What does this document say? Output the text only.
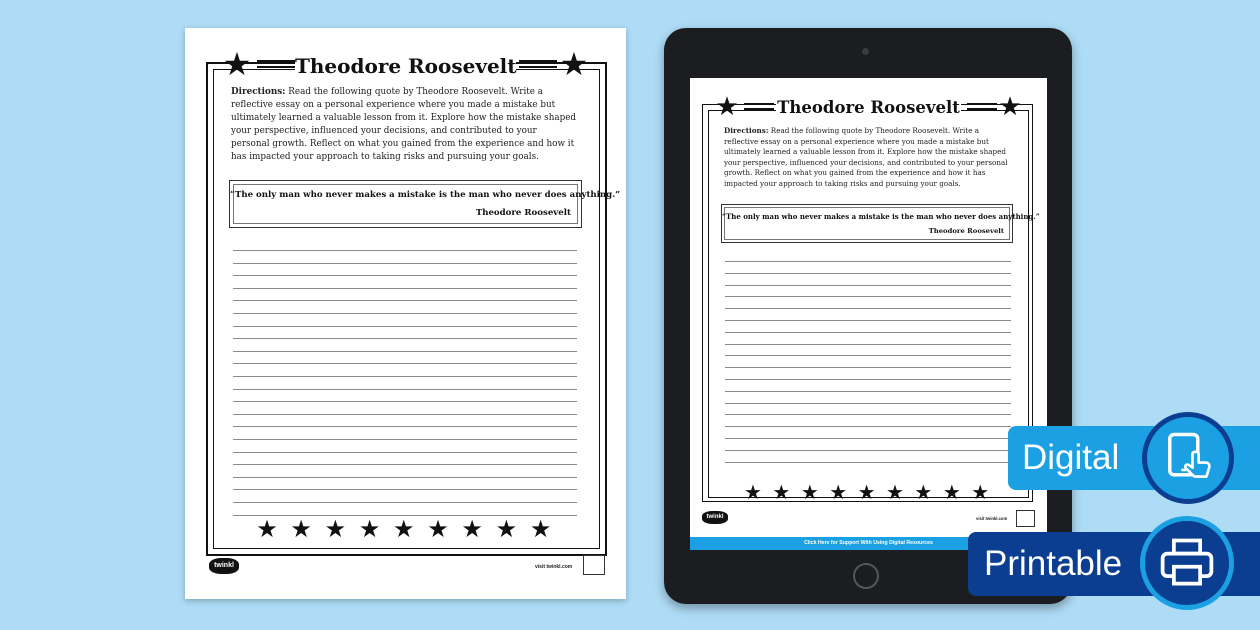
★	★
Theodore Roosevelt
Directions: Read the following quote by Theodore Roosevelt. Write a reflective essay on a personal experience where you made a mistake but ultimately learned a valuable lesson from it. Explore how the mistake shaped your perspective, influenced your decisions, and contributed to your personal growth. Reflect on what you gained from the experience and how it has impacted your approach to taking risks and pursuing your goals.
“The only man who never makes a mistake is the man who never does anything.”
Theodore Roosevelt
★ ★ ★ ★ ★ ★ ★ ★ ★
twinkl	visit twinkl.com
★	★
Theodore Roosevelt
Directions: Read the following quote by Theodore Roosevelt. Write a reflective essay on a personal experience where you made a mistake but ultimately learned a valuable lesson from it. Explore how the mistake shaped your perspective, influenced your decisions, and contributed to your personal growth. Reflect on what you gained from the experience and how it has impacted your approach to taking risks and pursuing your goals.
“The only man who never makes a mistake is the man who never does anything.”
Theodore Roosevelt
★ ★ ★ ★ ★ ★ ★ ★ ★
twinkl	visit twinkl.com
Click Here for Support With Using Digital Resources
Digital
Printable
